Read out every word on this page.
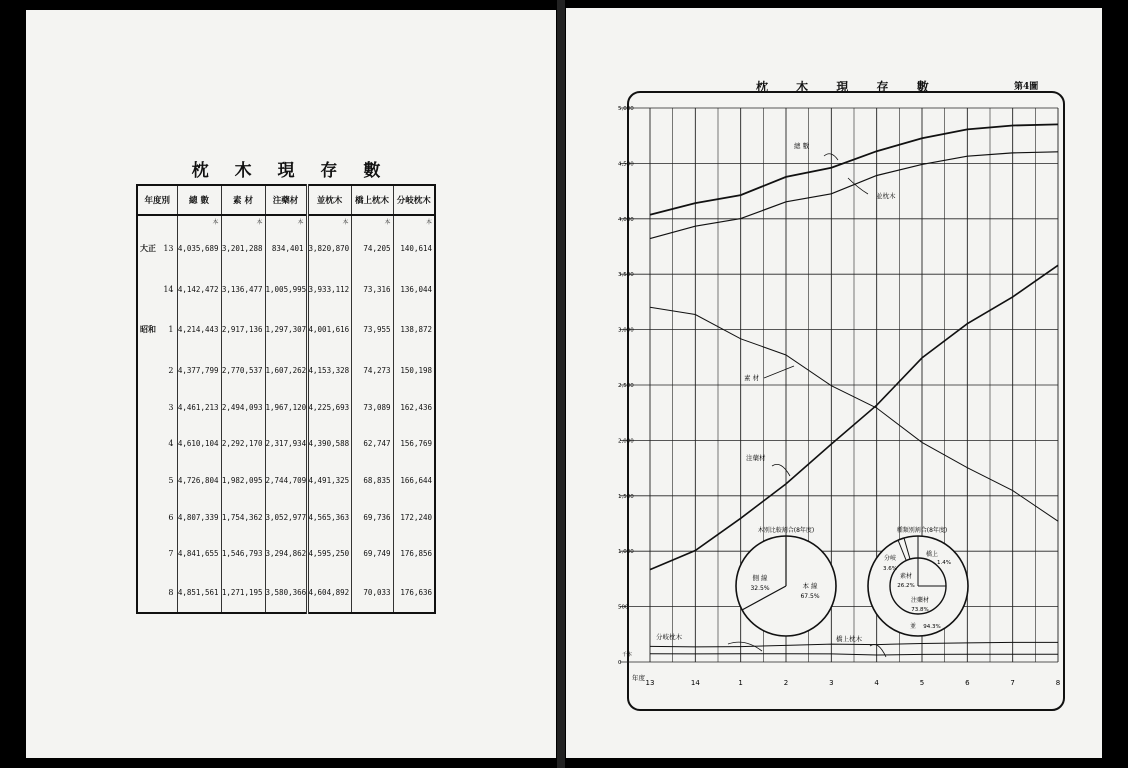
枕 木 現 存 數
年度別		總 數	素 材	注藥材	並枕木	橋上枕木	分岐枕木
		本	本	本	本	本	本
大正	13	4,035,689	3,201,288	834,401	3,820,870	74,205	140,614
	14	4,142,472	3,136,477	1,005,995	3,933,112	73,316	136,044
昭和	1	4,214,443	2,917,136	1,297,307	4,001,616	73,955	138,872
	2	4,377,799	2,770,537	1,607,262	4,153,328	74,273	150,198
	3	4,461,213	2,494,093	1,967,120	4,225,693	73,089	162,436
	4	4,610,104	2,292,170	2,317,934	4,390,588	62,747	156,769
	5	4,726,804	1,982,095	2,744,709	4,491,325	68,835	166,644
	6	4,807,339	1,754,362	3,052,977	4,565,363	69,736	172,240
	7	4,841,655	1,546,793	3,294,862	4,595,250	69,749	176,856
	8	4,851,561	1,271,195	3,580,366	4,604,892	70,033	176,636
枕 木 現 存 數	第4圖
0
500
1,000
1,500
2,000
2,500
3,000
3,500
4,000
4,500
5,000
13	14	1	2	3	4	5	6	7	8
年度
千本
總 數
並枕木
素 材
注藥材
分岐枕木	橋上枕木
木別比較割合(8年度)
側 線
32.5%	本 線
67.5%
種類別割合(8年度)
分岐
3.6%
橋上
1.4%
並 94.3%
素材
26.2%
注藥材
73.8%
